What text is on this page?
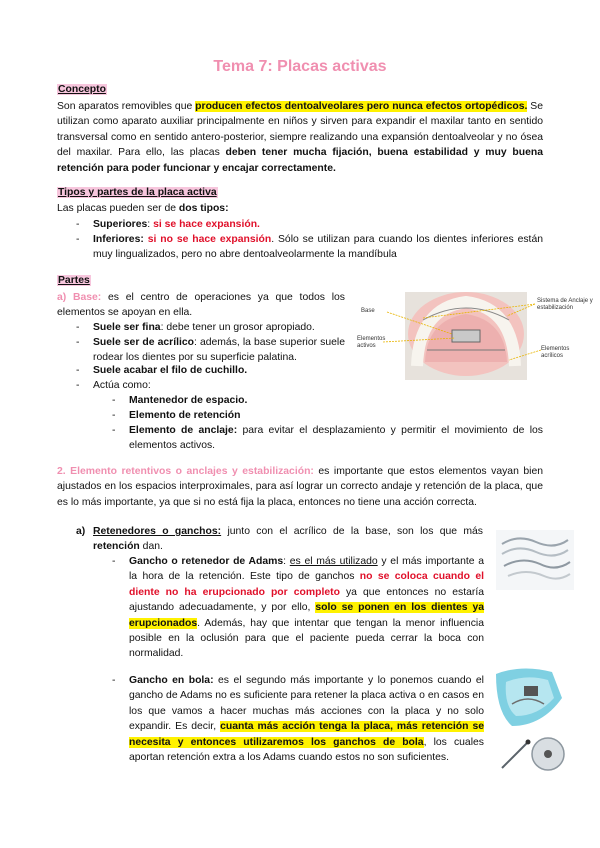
Tema 7: Placas activas
Concepto
Son aparatos removibles que producen efectos dentoalveolares pero nunca efectos ortopédicos. Se utilizan como aparato auxiliar principalmente en niños y sirven para expandir el maxilar tanto en sentido transversal como en sentido antero-posterior, siempre realizando una expansión dentoalveolar y no ósea del maxilar. Para ello, las placas deben tener mucha fijación, buena estabilidad y muy buena retención para poder funcionar y encajar correctamente.
Tipos y partes de la placa activa
Las placas pueden ser de dos tipos:
- Superiores: si se hace expansión.
- Inferiores: si no se hace expansión. Sólo se utilizan para cuando los dientes inferiores están muy lingualizados, pero no abre dentoalveolarmente la mandíbula
Partes
a) Base: es el centro de operaciones ya que todos los elementos se apoyan en ella.
- Suele ser fina: debe tener un grosor apropiado.
- Suele ser de acrílico: además, la base superior suele rodear los dientes por su superficie palatina.
- Suele acabar el filo de cuchillo.
- Actúa como:
- Mantenedor de espacio.
- Elemento de retención
- Elemento de anclaje: para evitar el desplazamiento y permitir el movimiento de los elementos activos.
Base
Sistema de Anclaje y estabilización
Elementos activos	Elementos acrílicos
2. Elemento retentivos o anclajes y estabilización: es importante que estos elementos vayan bien ajustados en los espacios interproximales, para así lograr un correcto andaje y retención de la placa, que es lo más importante, ya que si no está fija la placa, entonces no tiene una acción correcta.
a) Retenedores o ganchos: junto con el acrílico de la base, son los que más retención dan.
- Gancho o retenedor de Adams: es el más utilizado y el más importante a la hora de la retención. Este tipo de ganchos no se coloca cuando el diente no ha erupcionado por completo ya que entonces no estaría ajustando adecuadamente, y por ello, solo se ponen en los dientes ya erupcionados. Además, hay que intentar que tengan la menor influencia posible en la oclusión para que el paciente pueda cerrar la boca con normalidad.
- Gancho en bola: es el segundo más importante y lo ponemos cuando el gancho de Adams no es suficiente para retener la placa activa o en casos en los que vamos a hacer muchas más acciones con la placa y no solo expandir. Es decir, cuanta más acción tenga la placa, más retención se necesita y entonces utilizaremos los ganchos de bola, los cuales aportan retención extra a los Adams cuando estos no son suficientes.
